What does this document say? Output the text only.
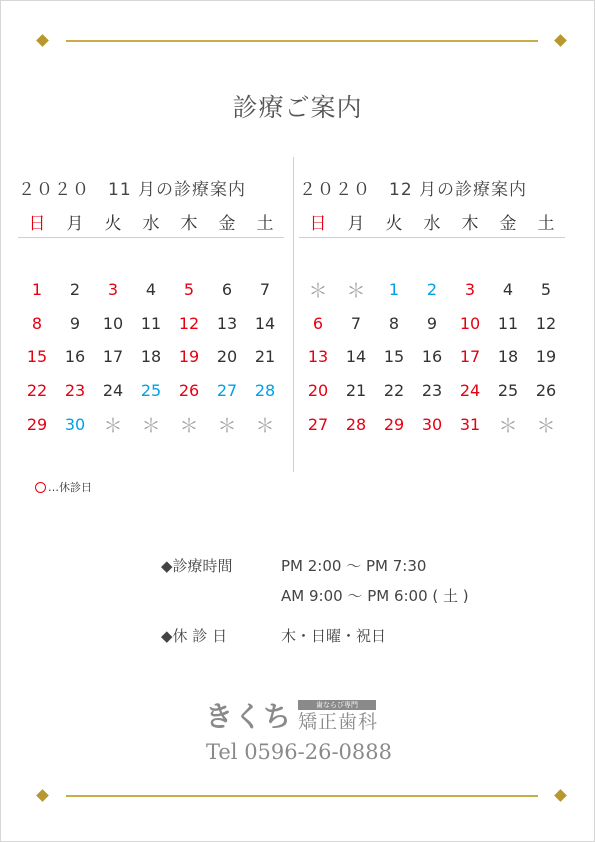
診療ご案内
２０２０　11 月の診療案内
日	月	火	水	木	金	土
1	2	3	4	5	6	7
8	9	10	11	12	13	14
15	16	17	18	19	20	21
22	23	24	25	26	27	28
29	30 ＊ ＊ ＊ ＊ ＊
２０２０　12 月の診療案内
日	月	火	水	木	金	土
＊ ＊	1	2	3	4	5
6	7	8	9	10	11	12
13	14	15	16	17	18	19
20	21	22	23	24	25	26
27	28	29	30	31 ＊ ＊
…休診日
◆診療時間	PM 2:00 〜 PM 7:30
AM 9:00 〜 PM 6:00 ( 土 )
◆休 診 日	木・日曜・祝日
きくち	歯ならび専門
矯正歯科
Tel 0596-26-0888
